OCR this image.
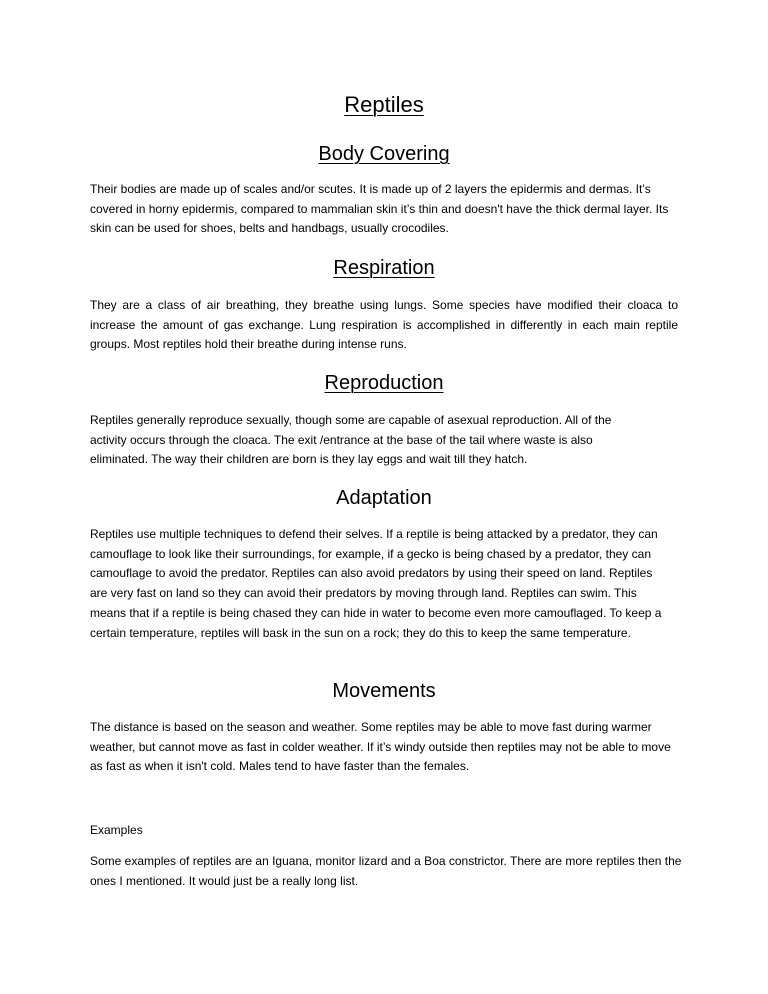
Reptiles
Body Covering

Their bodies are made up of scales and/or scutes. It is made up of 2 layers the epidermis and dermas. It’s covered in horny epidermis, compared to mammalian skin it’s thin and doesn't have the thick dermal layer. Its skin can be used for shoes, belts and handbags, usually crocodiles.

Respiration

They are a class of air breathing, they breathe using lungs. Some species have modified their cloaca to increase the amount of gas exchange. Lung respiration is accomplished in differently in each main reptile groups. Most reptiles hold their breathe during intense runs.

Reproduction

Reptiles generally reproduce sexually, though some are capable of asexual reproduction. All of the activity occurs through the cloaca. The exit /entrance at the base of the tail where waste is also eliminated. The way their children are born is they lay eggs and wait till they hatch.

Adaptation

Reptiles use multiple techniques to defend their selves. If a reptile is being attacked by a predator, they can camouflage to look like their surroundings, for example, if a gecko is being chased by a predator, they can camouflage to avoid the predator. Reptiles can also avoid predators by using their speed on land. Reptiles are very fast on land so they can avoid their predators by moving through land. Reptiles can swim. This means that if a reptile is being chased they can hide in water to become even more camouflaged. To keep a certain temperature, reptiles will bask in the sun on a rock; they do this to keep the same temperature.

Movements

The distance is based on the season and weather. Some reptiles may be able to move fast during warmer weather, but cannot move as fast in colder weather. If it’s windy outside then reptiles may not be able to move as fast as when it isn't cold. Males tend to have faster than the females.

Examples

Some examples of reptiles are an Iguana, monitor lizard and a Boa constrictor. There are more reptiles then the ones I mentioned. It would just be a really long list.
